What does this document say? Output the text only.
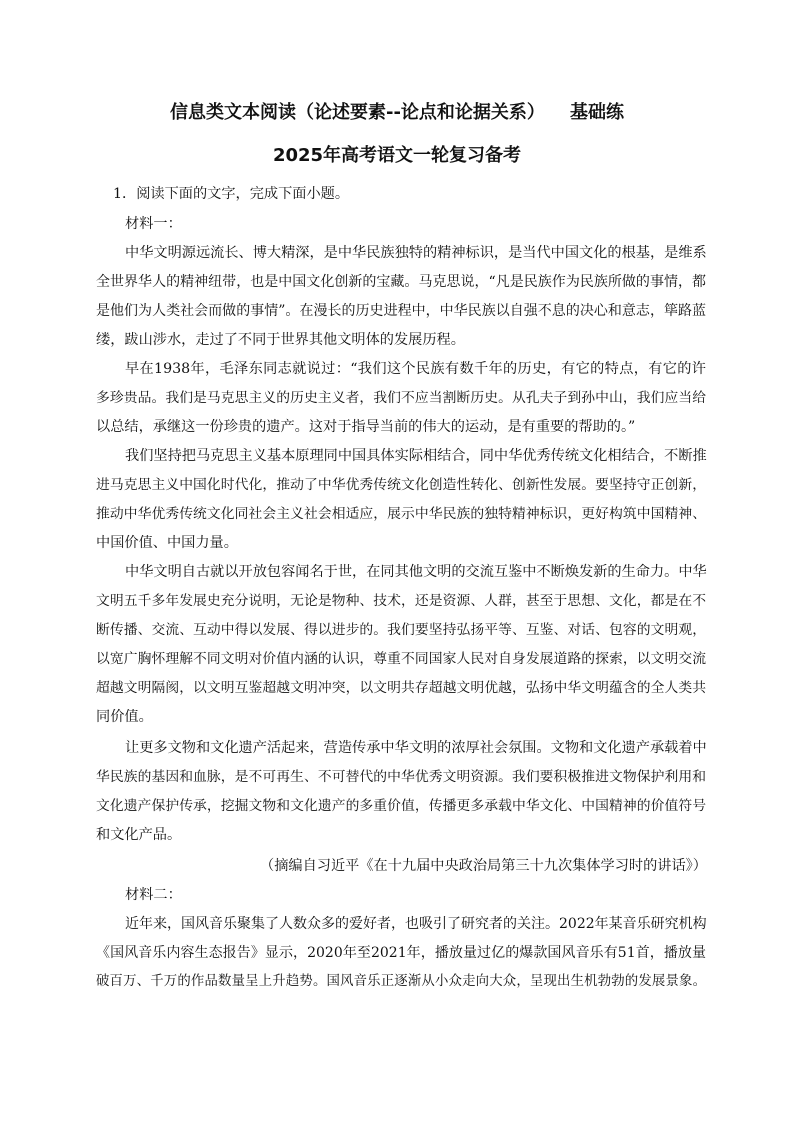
信息类文本阅读（论述要素--论点和论据关系）    基础练
2025年高考语文一轮复习备考
1．阅读下面的文字，完成下面小题。
材料一：
中华文明源远流长、博大精深，是中华民族独特的精神标识，是当代中国文化的根基，是维系
全世界华人的精神纽带，也是中国文化创新的宝藏。马克思说，“凡是民族作为民族所做的事情，都
是他们为人类社会而做的事情”。在漫长的历史进程中，中华民族以自强不息的决心和意志，筚路蓝
缕，跋山涉水，走过了不同于世界其他文明体的发展历程。
早在1938年，毛泽东同志就说过：“我们这个民族有数千年的历史，有它的特点，有它的许
多珍贵品。我们是马克思主义的历史主义者，我们不应当割断历史。从孔夫子到孙中山，我们应当给
以总结，承继这一份珍贵的遗产。这对于指导当前的伟大的运动，是有重要的帮助的。”
我们坚持把马克思主义基本原理同中国具体实际相结合，同中华优秀传统文化相结合，不断推
进马克思主义中国化时代化，推动了中华优秀传统文化创造性转化、创新性发展。要坚持守正创新，
推动中华优秀传统文化同社会主义社会相适应，展示中华民族的独特精神标识，更好构筑中国精神、
中国价值、中国力量。
中华文明自古就以开放包容闻名于世，在同其他文明的交流互鉴中不断焕发新的生命力。中华
文明五千多年发展史充分说明，无论是物种、技术，还是资源、人群，甚至于思想、文化，都是在不
断传播、交流、互动中得以发展、得以进步的。我们要坚持弘扬平等、互鉴、对话、包容的文明观，
以宽广胸怀理解不同文明对价值内涵的认识，尊重不同国家人民对自身发展道路的探索，以文明交流
超越文明隔阂，以文明互鉴超越文明冲突，以文明共存超越文明优越，弘扬中华文明蕴含的全人类共
同价值。
让更多文物和文化遗产活起来，营造传承中华文明的浓厚社会氛围。文物和文化遗产承载着中
华民族的基因和血脉，是不可再生、不可替代的中华优秀文明资源。我们要积极推进文物保护利用和
文化遗产保护传承，挖掘文物和文化遗产的多重价值，传播更多承载中华文化、中国精神的价值符号
和文化产品。
（摘编自习近平《在十九届中央政治局第三十九次集体学习时的讲话》）
材料二：
近年来，国风音乐聚集了人数众多的爱好者，也吸引了研究者的关注。2022年某音乐研究机构
《国风音乐内容生态报告》显示，2020年至2021年，播放量过亿的爆款国风音乐有51首，播放量
破百万、千万的作品数量呈上升趋势。国风音乐正逐渐从小众走向大众，呈现出生机勃勃的发展景象。
